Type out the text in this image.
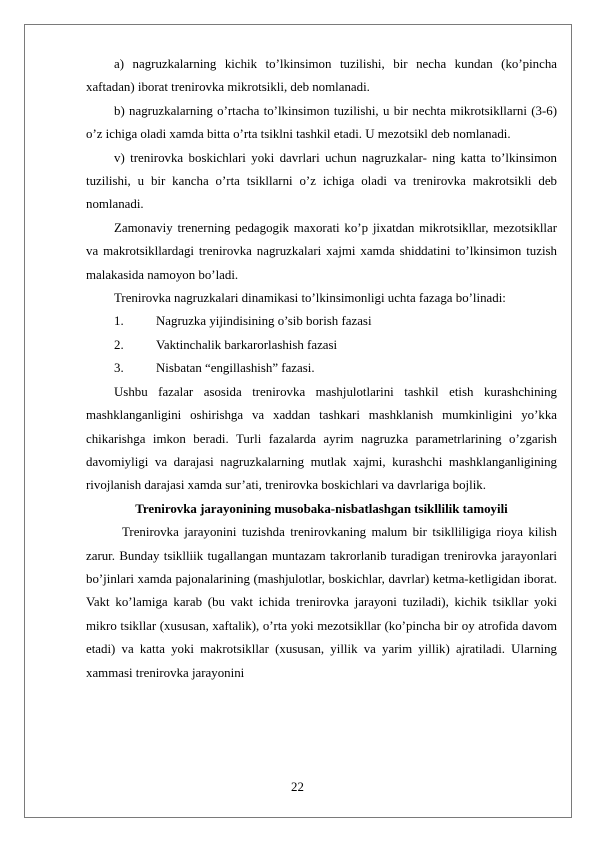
a) nagruzkalarning kichik to’lkinsimon tuzilishi, bir necha kundan (ko’pincha xaftadan) iborat trenirovka mikrotsikli, deb nomlanadi.

b) nagruzkalarning o’rtacha to’lkinsimon tuzilishi, u bir nechta mikrotsikllarni (3-6) o’z ichiga oladi xamda bitta o’rta tsiklni tashkil etadi. U mezotsikl deb nomlanadi.

v) trenirovka boskichlari yoki davrlari uchun nagruzkalar- ning katta to’lkinsimon tuzilishi, u bir kancha o’rta tsikllarni o’z ichiga oladi va trenirovka makrotsikli deb nomlanadi.

Zamonaviy trenerning pedagogik maxorati ko’p jixatdan mikrotsikllar, mezotsikllar va makrotsikllardagi trenirovka nagruzkalari xajmi xamda shiddatini to’lkinsimon tuzish malakasida namoyon bo’ladi.

Trenirovka nagruzkalari dinamikasi to’lkinsimonligi uchta fazaga bo’linadi:

1.	Nagruzka yijindisining o’sib borish fazasi
2.	Vaktinchalik barkarorlashish fazasi
3.	Nisbatan “engillashish” fazasi.

Ushbu fazalar asosida trenirovka mashjulotlarini tashkil etish kurashchining mashklanganligini oshirishga va xaddan tashkari mashklanish mumkinligini yo’kka chikarishga imkon beradi. Turli fazalarda ayrim nagruzka parametrlarining o’zgarish davomiyligi va darajasi nagruzkalarning mutlak xajmi, kurashchi mashklanganligining rivojlanish darajasi xamda sur’ati, trenirovka boskichlari va davrlariga bojlik.

Trenirovka jarayonining musobaka-nisbatlashgan tsikllilik tamoyili

Trenirovka jarayonini tuzishda trenirovkaning malum bir tsiklliligiga rioya kilish zarur. Bunday tsiklliik tugallangan muntazam takrorlanib turadigan trenirovka jarayonlari bo’jinlari xamda pajonalarining (mashjulotlar, boskichlar, davrlar) ketma-ketligidan iborat. Vakt ko’lamiga karab (bu vakt ichida trenirovka jarayoni tuziladi), kichik tsikllar yoki mikro tsikllar (xususan, xaftalik), o’rta yoki mezotsikllar (ko’pincha bir oy atrofida davom etadi) va katta yoki makrotsikllar (xususan, yillik va yarim yillik) ajratiladi. Ularning xammasi trenirovka jarayonini

22
